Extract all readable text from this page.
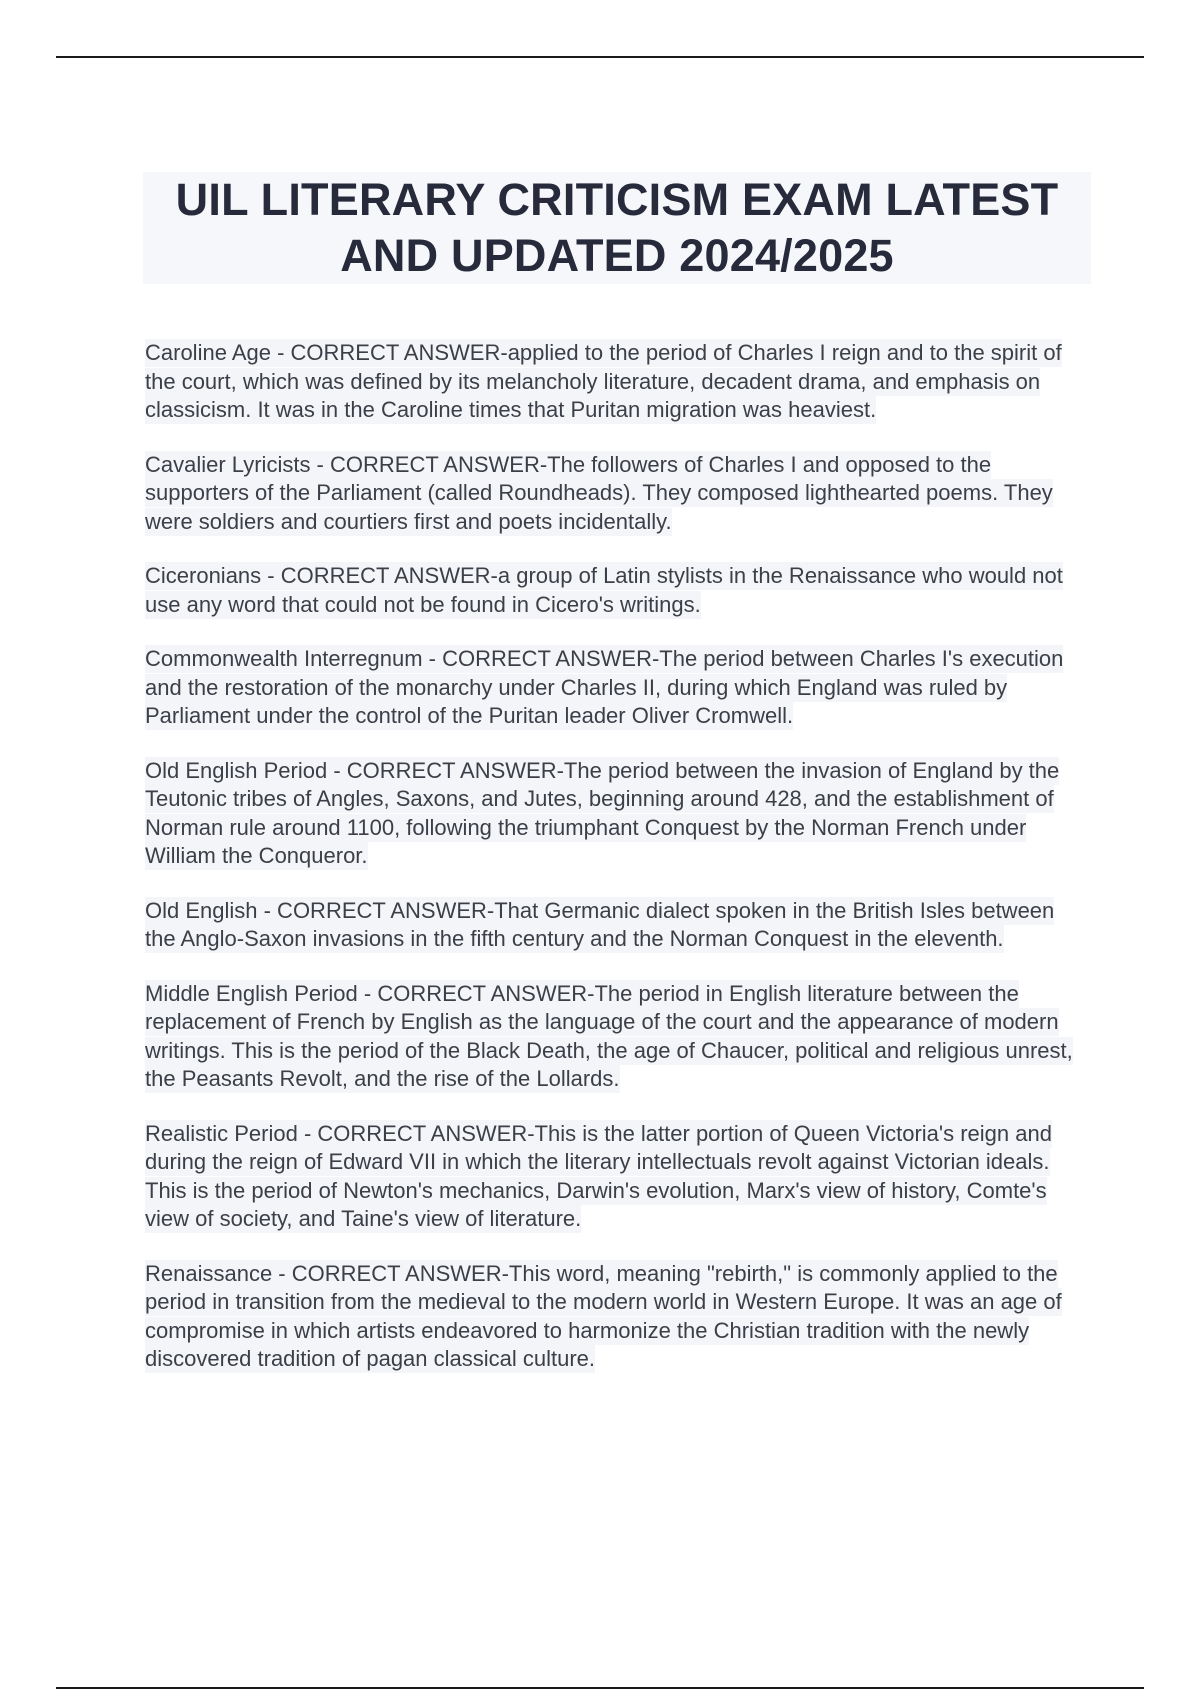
UIL LITERARY CRITICISM EXAM LATEST AND UPDATED 2024/2025

Caroline Age - CORRECT ANSWER-applied to the period of Charles I reign and to the spirit of the court, which was defined by its melancholy literature, decadent drama, and emphasis on classicism. It was in the Caroline times that Puritan migration was heaviest.

Cavalier Lyricists - CORRECT ANSWER-The followers of Charles I and opposed to the supporters of the Parliament (called Roundheads). They composed lighthearted poems. They were soldiers and courtiers first and poets incidentally.

Ciceronians - CORRECT ANSWER-a group of Latin stylists in the Renaissance who would not use any word that could not be found in Cicero's writings.

Commonwealth Interregnum - CORRECT ANSWER-The period between Charles I's execution and the restoration of the monarchy under Charles II, during which England was ruled by Parliament under the control of the Puritan leader Oliver Cromwell.

Old English Period - CORRECT ANSWER-The period between the invasion of England by the Teutonic tribes of Angles, Saxons, and Jutes, beginning around 428, and the establishment of Norman rule around 1100, following the triumphant Conquest by the Norman French under William the Conqueror.

Old English - CORRECT ANSWER-That Germanic dialect spoken in the British Isles between the Anglo-Saxon invasions in the fifth century and the Norman Conquest in the eleventh.

Middle English Period - CORRECT ANSWER-The period in English literature between the replacement of French by English as the language of the court and the appearance of modern writings. This is the period of the Black Death, the age of Chaucer, political and religious unrest, the Peasants Revolt, and the rise of the Lollards.

Realistic Period - CORRECT ANSWER-This is the latter portion of Queen Victoria's reign and during the reign of Edward VII in which the literary intellectuals revolt against Victorian ideals. This is the period of Newton's mechanics, Darwin's evolution, Marx's view of history, Comte's view of society, and Taine's view of literature.

Renaissance - CORRECT ANSWER-This word, meaning "rebirth," is commonly applied to the period in transition from the medieval to the modern world in Western Europe. It was an age of compromise in which artists endeavored to harmonize the Christian tradition with the newly discovered tradition of pagan classical culture.
